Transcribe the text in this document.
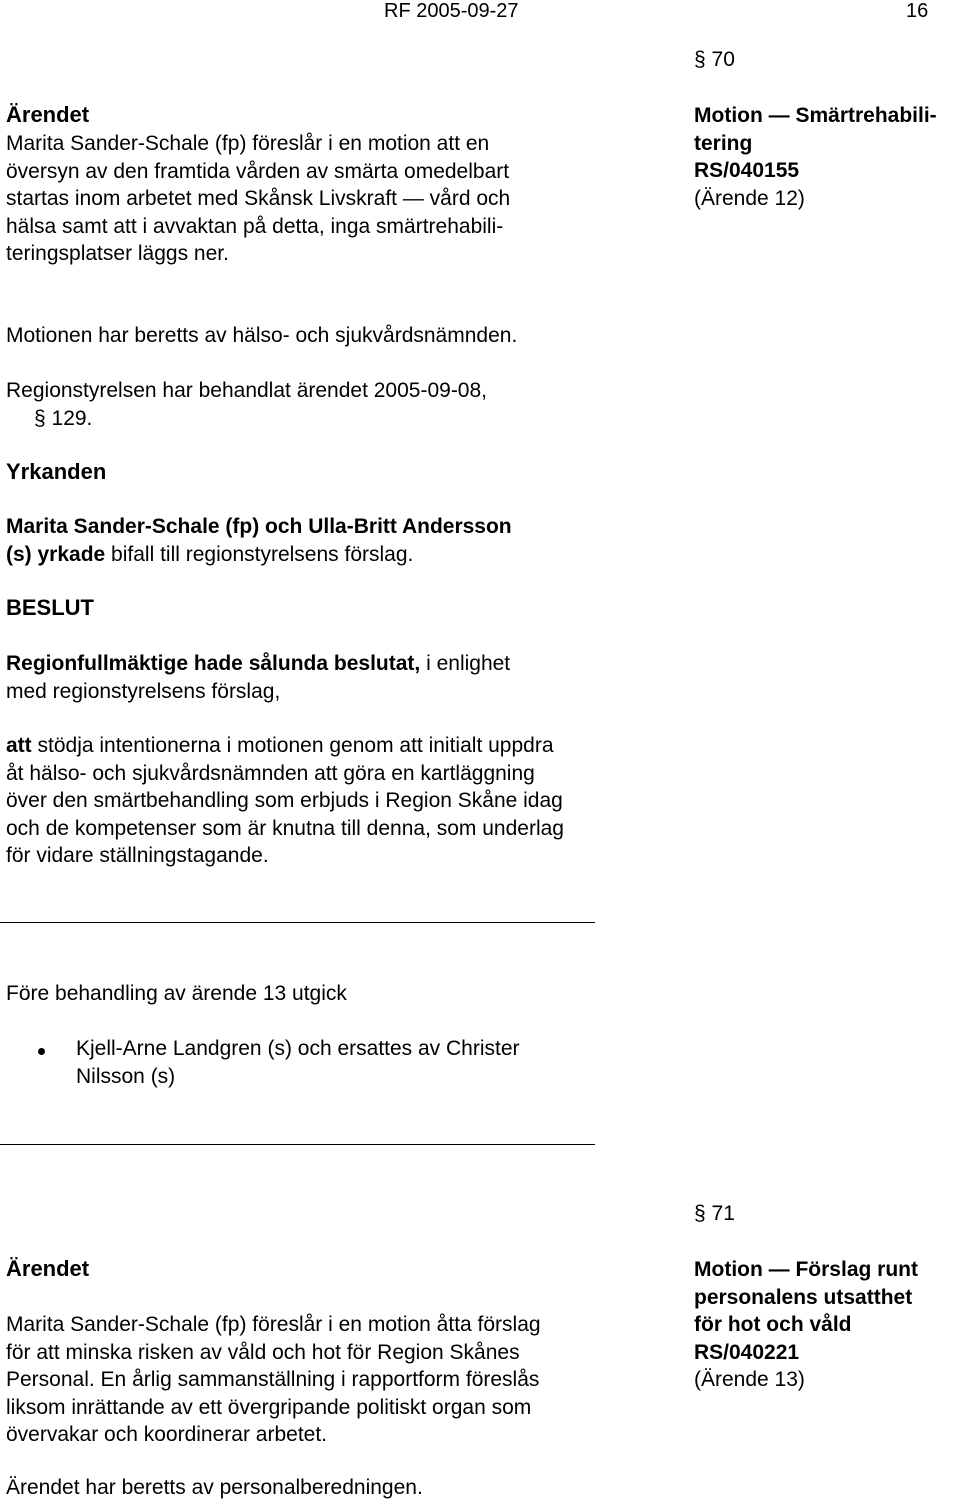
RF 2005-09-27	16
§ 70
Motion — Smärtrehabili-
tering
RS/040155
(Ärende 12)
Ärendet
Marita Sander-Schale (fp) föreslår i en motion att en
översyn av den framtida vården av smärta omedelbart
startas inom arbetet med Skånsk Livskraft — vård och
hälsa samt att i avvaktan på detta, inga smärtrehabili-
teringsplatser läggs ner.
Motionen har beretts av hälso- och sjukvårdsnämnden.
Regionstyrelsen har behandlat ärendet 2005-09-08,
§ 129.
Yrkanden
Marita Sander-Schale (fp) och Ulla-Britt Andersson
(s) yrkade bifall till regionstyrelsens förslag.
BESLUT
Regionfullmäktige hade sålunda beslutat, i enlighet
med regionstyrelsens förslag,
att stödja intentionerna i motionen genom att initialt uppdra
åt hälso- och sjukvårdsnämnden att göra en kartläggning
över den smärtbehandling som erbjuds i Region Skåne idag
och de kompetenser som är knutna till denna, som underlag
för vidare ställningstagande.
Före behandling av ärende 13 utgick
Kjell-Arne Landgren (s) och ersattes av Christer
Nilsson (s)
§ 71
Motion — Förslag runt
personalens utsatthet
för hot och våld
RS/040221
(Ärende 13)
Ärendet
Marita Sander-Schale (fp) föreslår i en motion åtta förslag
för att minska risken av våld och hot för Region Skånes
Personal. En årlig sammanställning i rapportform föreslås
liksom inrättande av ett övergripande politiskt organ som
övervakar och koordinerar arbetet.
Ärendet har beretts av personalberedningen.
